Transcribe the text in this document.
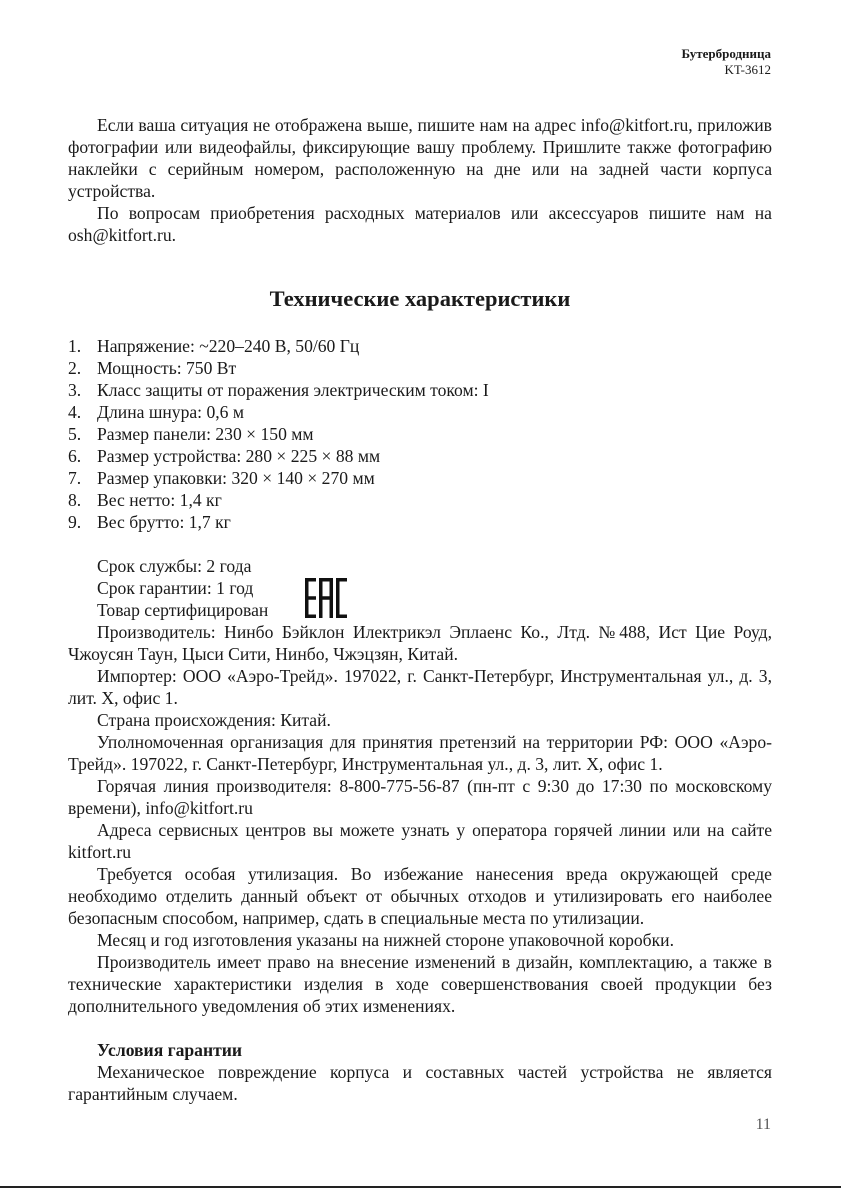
Бутербродница
KT-3612

Если ваша ситуация не отображена выше, пишите нам на адрес info@kitfort.ru, приложив фотографии или видеофайлы, фиксирующие вашу проблему. Пришлите также фотографию наклейки с серийным номером, расположенную на дне или на задней части корпуса устройства.

По вопросам приобретения расходных материалов или аксессуаров пишите нам на osh@kitfort.ru.

Технические характеристики
1. Напряжение: ~220–240 В, 50/60 Гц
2. Мощность: 750 Вт
3. Класс защиты от поражения электрическим током: I
4. Длина шнура: 0,6 м
5. Размер панели: 230 × 150 мм
6. Размер устройства: 280 × 225 × 88 мм
7. Размер упаковки: 320 × 140 × 270 мм
8. Вес нетто: 1,4 кг
9. Вес брутто: 1,7 кг
Срок службы: 2 года
Срок гарантии: 1 год
Товар сертифицирован

Производитель: Нинбо Бэйклон Илектрикэл Эплаенс Ко., Лтд. №488, Ист Цие Роуд, Чжоусян Таун, Цыси Сити, Нинбо, Чжэцзян, Китай.

Импортер: ООО «Аэро-Трейд». 197022, г. Санкт-Петербург, Инструментальная ул., д. 3, лит. Х, офис 1.

Страна происхождения: Китай.

Уполномоченная организация для принятия претензий на территории РФ: ООО «Аэро-Трейд». 197022, г. Санкт-Петербург, Инструментальная ул., д. 3, лит. Х, офис 1.

Горячая линия производителя: 8-800-775-56-87 (пн-пт с 9:30 до 17:30 по московскому времени), info@kitfort.ru

Адреса сервисных центров вы можете узнать у оператора горячей линии или на сайте kitfort.ru

Требуется особая утилизация. Во избежание нанесения вреда окружающей среде необходимо отделить данный объект от обычных отходов и утилизировать его наиболее безопасным способом, например, сдать в специальные места по утилизации.

Месяц и год изготовления указаны на нижней стороне упаковочной коробки.

Производитель имеет право на внесение изменений в дизайн, комплектацию, а также в технические характеристики изделия в ходе совершенствования своей продукции без дополнительного уведомления об этих изменениях.

Условия гарантии

Механическое повреждение корпуса и составных частей устройства не является гарантийным случаем.

11
